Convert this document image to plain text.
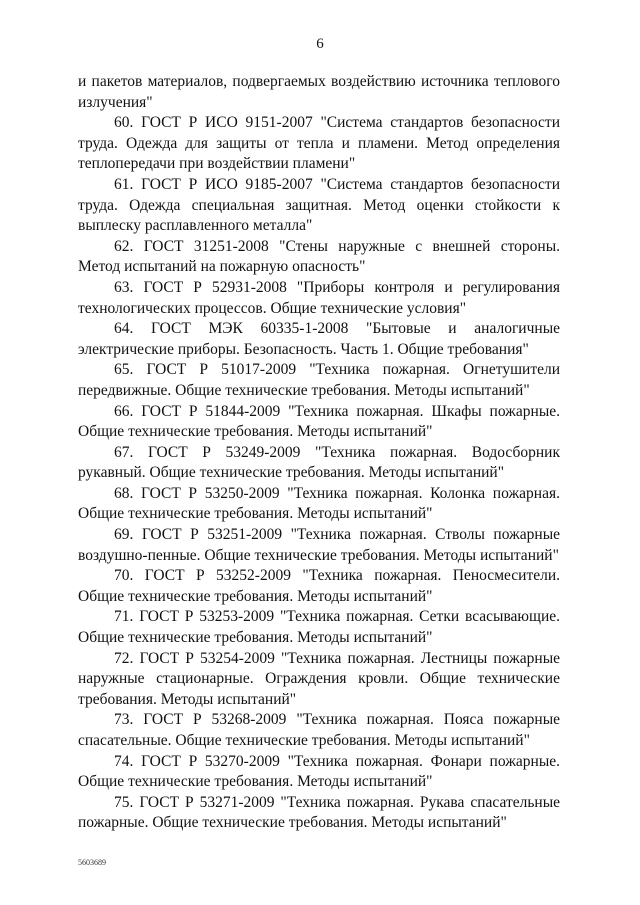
6

и пакетов материалов, подвергаемых воздействию источника теплового излучения"

60. ГОСТ Р ИСО 9151-2007 "Система стандартов безопасности труда. Одежда для защиты от тепла и пламени. Метод определения теплопередачи при воздействии пламени"

61. ГОСТ Р ИСО 9185-2007 "Система стандартов безопасности труда. Одежда специальная защитная. Метод оценки стойкости к выплеску расплавленного металла"

62. ГОСТ 31251-2008 "Стены наружные с внешней стороны. Метод испытаний на пожарную опасность"

63. ГОСТ Р 52931-2008 "Приборы контроля и регулирования технологических процессов. Общие технические условия"

64. ГОСТ МЭК 60335-1-2008 "Бытовые и аналогичные электрические приборы. Безопасность. Часть 1. Общие требования"

65. ГОСТ Р 51017-2009 "Техника пожарная. Огнетушители передвижные. Общие технические требования. Методы испытаний"

66. ГОСТ Р 51844-2009 "Техника пожарная. Шкафы пожарные. Общие технические требования. Методы испытаний"

67. ГОСТ Р 53249-2009 "Техника пожарная. Водосборник рукавный. Общие технические требования. Методы испытаний"

68. ГОСТ Р 53250-2009 "Техника пожарная. Колонка пожарная. Общие технические требования. Методы испытаний"

69. ГОСТ Р 53251-2009 "Техника пожарная. Стволы пожарные воздушно-пенные. Общие технические требования. Методы испытаний"

70. ГОСТ Р 53252-2009 "Техника пожарная. Пеносмесители. Общие технические требования. Методы испытаний"

71. ГОСТ Р 53253-2009 "Техника пожарная. Сетки всасывающие. Общие технические требования. Методы испытаний"

72. ГОСТ Р 53254-2009 "Техника пожарная. Лестницы пожарные наружные стационарные. Ограждения кровли. Общие технические требования. Методы испытаний"

73. ГОСТ Р 53268-2009 "Техника пожарная. Пояса пожарные спасательные. Общие технические требования. Методы испытаний"

74. ГОСТ Р 53270-2009 "Техника пожарная. Фонари пожарные. Общие технические требования. Методы испытаний"

75. ГОСТ Р 53271-2009 "Техника пожарная. Рукава спасательные пожарные. Общие технические требования. Методы испытаний"

5603689
